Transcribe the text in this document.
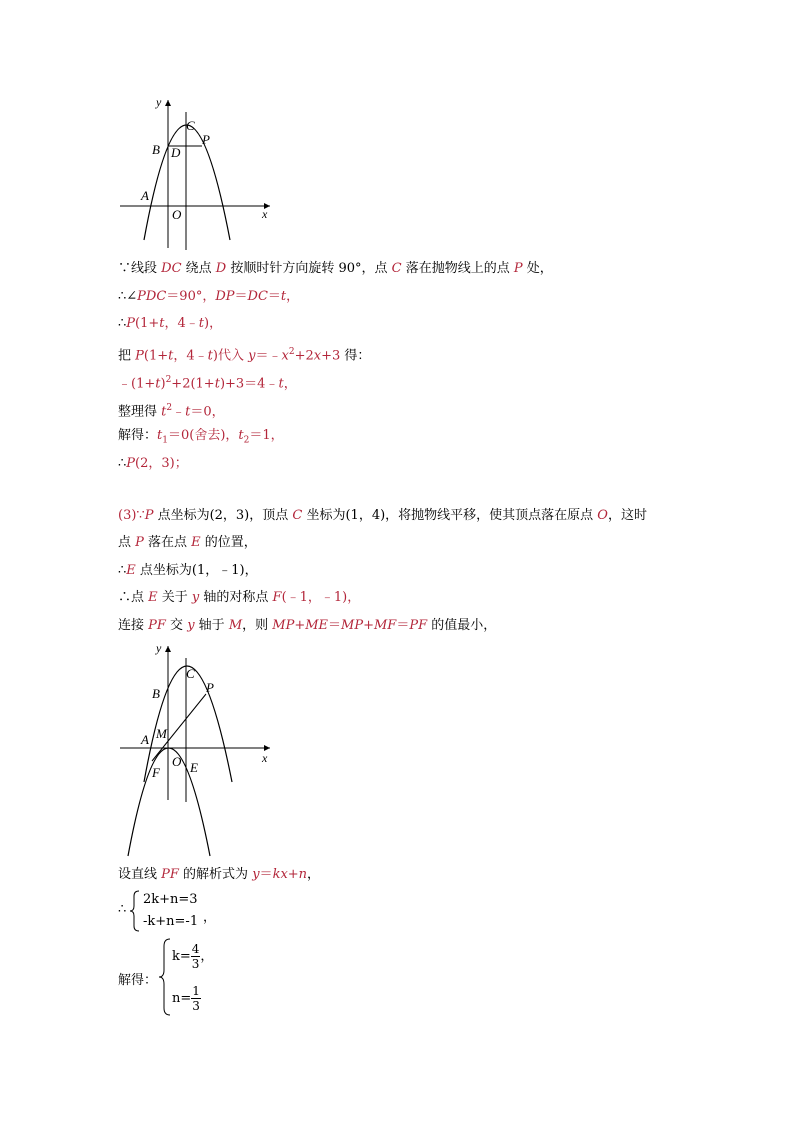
y
x
C
P
B D
A
O
∵线段 DC 绕点 D 按顺时针方向旋转 90°，点 C 落在抛物线上的点 P 处，
∴∠PDC＝90°，DP＝DC＝t，
∴P(1+t，4﹣t)，
把 P(1+t，4﹣t)代入 $y=﹣x^2+2x+3$ 得：
$﹣(1+t)^2+2(1+t)+3=4﹣t$，
整理得 $t^2﹣t=0$，
解得：$t_1=0$(舍去)，$t_2=1$，
∴P(2，3)；
(3)∵P 点坐标为(2，3)，顶点 C 坐标为(1，4)，将抛物线平移，使其顶点落在原点 O，这时
点 P 落在点 E 的位置，
∴E 点坐标为(1，﹣1)，
∴点 E 关于 y 轴的对称点 F(﹣1，﹣1)，
连接 PF 交 y 轴于 M，则 MP+ME＝MP+MF＝PF 的值最小，
y
x
C
P
B
A M
O E
F
设直线 PF 的解析式为 y＝kx+n，
∴
2k+n=3
-k+n=-1 ，
解得：
$k= \frac{4}{3}$ ，
$n= \frac{1}{3}$
